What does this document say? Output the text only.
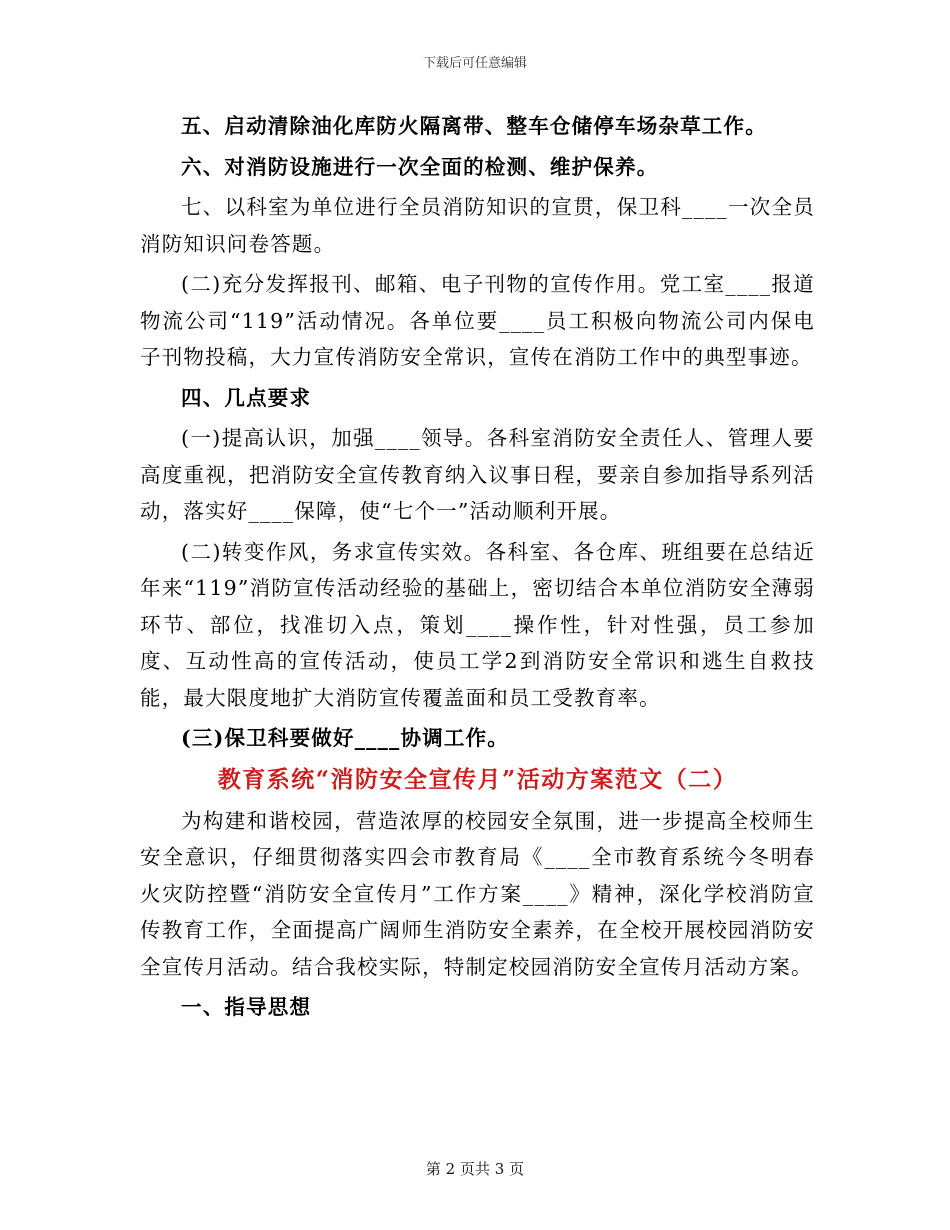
下载后可任意编辑

五、启动清除油化库防火隔离带、整车仓储停车场杂草工作。

六、对消防设施进行一次全面的检测、维护保养。

七、以科室为单位进行全员消防知识的宣贯，保卫科____一次全员消防知识问卷答题。

(二)充分发挥报刊、邮箱、电子刊物的宣传作用。党工室____报道物流公司“119”活动情况。各单位要____员工积极向物流公司内保电子刊物投稿，大力宣传消防安全常识，宣传在消防工作中的典型事迹。

四、几点要求

(一)提高认识，加强____领导。各科室消防安全责任人、管理人要高度重视，把消防安全宣传教育纳入议事日程，要亲自参加指导系列活动，落实好____保障，使“七个一”活动顺利开展。

(二)转变作风，务求宣传实效。各科室、各仓库、班组要在总结近年来“119”消防宣传活动经验的基础上，密切结合本单位消防安全薄弱环节、部位，找准切入点，策划____操作性，针对性强，员工参加度、互动性高的宣传活动，使员工学2到消防安全常识和逃生自救技能，最大限度地扩大消防宣传覆盖面和员工受教育率。

(三)保卫科要做好____协调工作。

教育系统“消防安全宣传月”活动方案范文（二）

为构建和谐校园，营造浓厚的校园安全氛围，进一步提高全校师生安全意识，仔细贯彻落实四会市教育局《____全市教育系统今冬明春火灾防控暨“消防安全宣传月”工作方案____》精神，深化学校消防宣传教育工作，全面提高广阔师生消防安全素养，在全校开展校园消防安全宣传月活动。结合我校实际，特制定校园消防安全宣传月活动方案。

一、指导思想

第 2 页共 3 页
